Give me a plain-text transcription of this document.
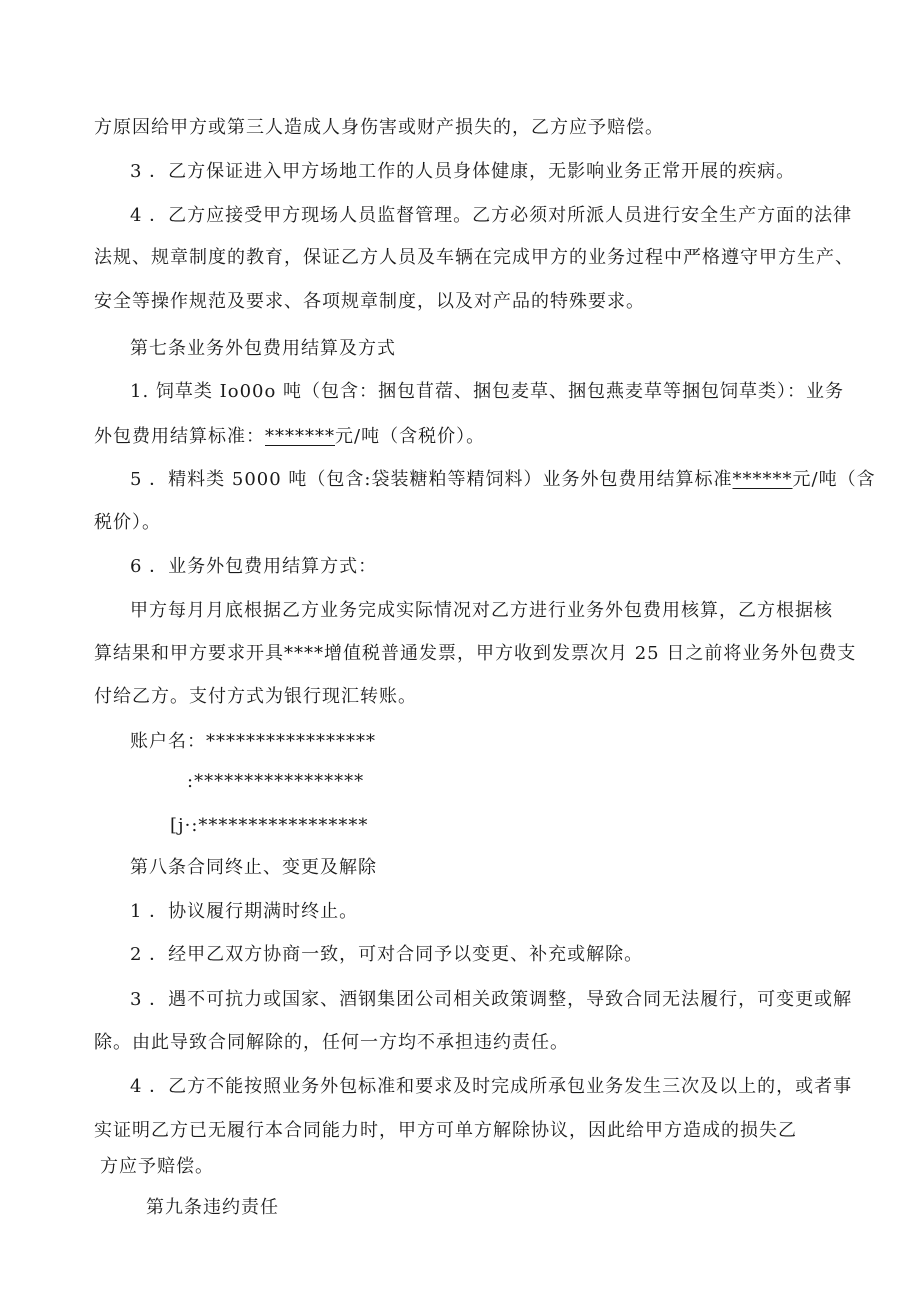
方原因给甲方或第三人造成人身伤害或财产损失的，乙方应予赔偿。
3 ．乙方保证进入甲方场地工作的人员身体健康，无影响业务正常开展的疾病。
4 ．乙方应接受甲方现场人员监督管理。乙方必须对所派人员进行安全生产方面的法律
法规、规章制度的教育，保证乙方人员及车辆在完成甲方的业务过程中严格遵守甲方生产、
安全等操作规范及要求、各项规章制度，以及对产品的特殊要求。
第七条业务外包费用结算及方式
1. 饲草类 Io00o 吨（包含：捆包苜蓿、捆包麦草、捆包燕麦草等捆包饲草类）：业务
外包费用结算标准：*******元/吨（含税价）。
5 ．精料类 5000 吨（包含:袋装糖粕等精饲料）业务外包费用结算标准******元/吨（含
税价）。
6 ．业务外包费用结算方式：
甲方每月月底根据乙方业务完成实际情况对乙方进行业务外包费用核算，乙方根据核
算结果和甲方要求开具****增值税普通发票，甲方收到发票次月 25 日之前将业务外包费支
付给乙方。支付方式为银行现汇转账。
账户名：*****************
:*****************
[j·:*****************
第八条合同终止、变更及解除
1 ．协议履行期满时终止。
2 ．经甲乙双方协商一致，可对合同予以变更、补充或解除。
3 ．遇不可抗力或国家、酒钢集团公司相关政策调整，导致合同无法履行，可变更或解
除。由此导致合同解除的，任何一方均不承担违约责任。
4 ．乙方不能按照业务外包标准和要求及时完成所承包业务发生三次及以上的，或者事
实证明乙方已无履行本合同能力时，甲方可单方解除协议，因此给甲方造成的损失乙
方应予赔偿。
第九条违约责任
